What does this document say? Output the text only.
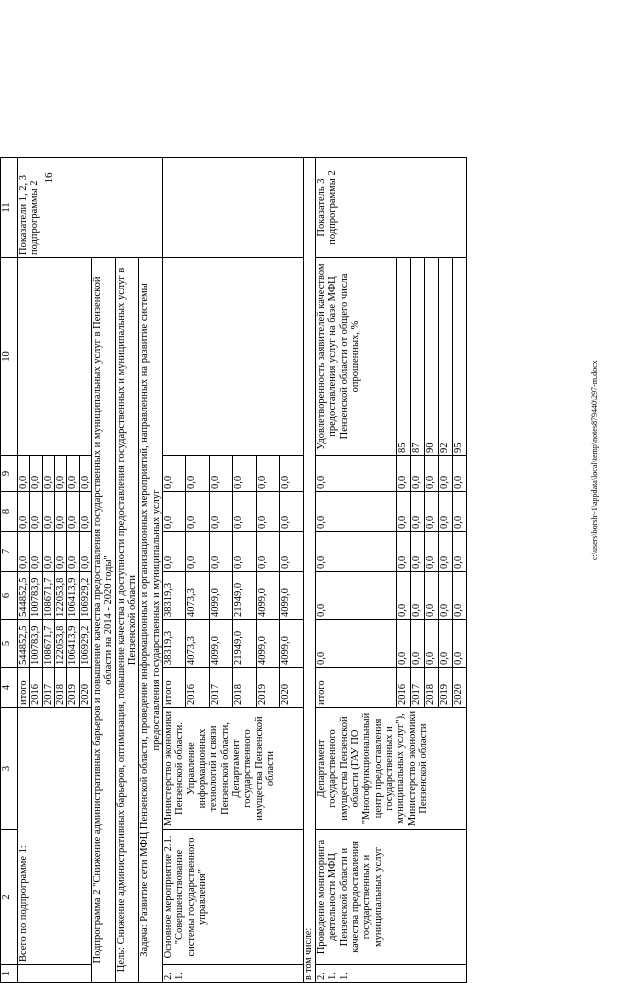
16
1	2	3	4	5	6	7	8	9	10	11
	Всего по подпрограмме 1:		итого	544852,5	544852,5	0,0	0,0	0,0		Показатели 1, 2, 3 подпрограммы 2
			2016	100783,9	100783,9	0,0	0,0	0,0		
			2017	108671,7	108671,7	0,0	0,0	0,0		
			2018	122053,8	122053,8	0,0	0,0	0,0		
			2019	106413,9	106413,9	0,0	0,0	0,0		
			2020	106929,2	106929,2	0,0	0,0	0,0		
Подпрограмма 2 "Снижение административных барьеров и повышение качества предоставления государственных и муниципальных услуг в Пензенской области на 2014 - 2020 годы"										
Цель: Снижение административных барьеров, оптимизация, повышение качества и доступности предоставления государственных и муниципальных услуг в Пензенской области										
Задача: Развитие сети МФЦ Пензенской области, проведение информационных и организационных мероприятий, направленных на развитие системы предоставления государственных и муниципальных услуг										
2.1.	Основное мероприятие 2.1. "Совершенствование системы государственного управления"	Министерство экономики Пензенской области. Управление информационных технологий и связи Пензенской области, Департамент государственного имущества Пензенской области	итого	38319,3	38319,3	0,0	0,0	0,0		
			2016	4073,3	4073,3	0,0	0,0	0,0		
			2017	4099,0	4099,0	0,0	0,0	0,0		
			2018	21949,0	21949,0	0,0	0,0	0,0		
			2019	4099,0	4099,0	0,0	0,0	0,0		
			2020	4099,0	4099,0	0,0	0,0	0,0		
в том числе:										
2.1.1.	Проведение мониторинга деятельности МФЦ Пензенской области и качества предоставления государственных и муниципальных услуг	Департамент государственного имущества Пензенской области (ГАУ ПО "Многофункциональный центр предоставления государственных и муниципальных услуг"), Министерство экономики Пензенской области	итого	0,0	0,0	0,0	0,0	0,0	Удовлетворенность заявителей качеством предоставления услуг на базе МФЦ Пензенской области от общего числа опрошенных, %	Показатель 3 подпрограммы 2
			2016	0,0	0,0	0,0	0,0	0,0	85	
			2017	0,0	0,0	0,0	0,0	0,0	87	
			2018	0,0	0,0	0,0	0,0	0,0	90	
			2019	0,0	0,0	0,0	0,0	0,0	92	
			2020	0,0	0,0	0,0	0,0	0,0	95		c:\users\borsh~1\appdata\local\temp\notes879440\297-m.docx
